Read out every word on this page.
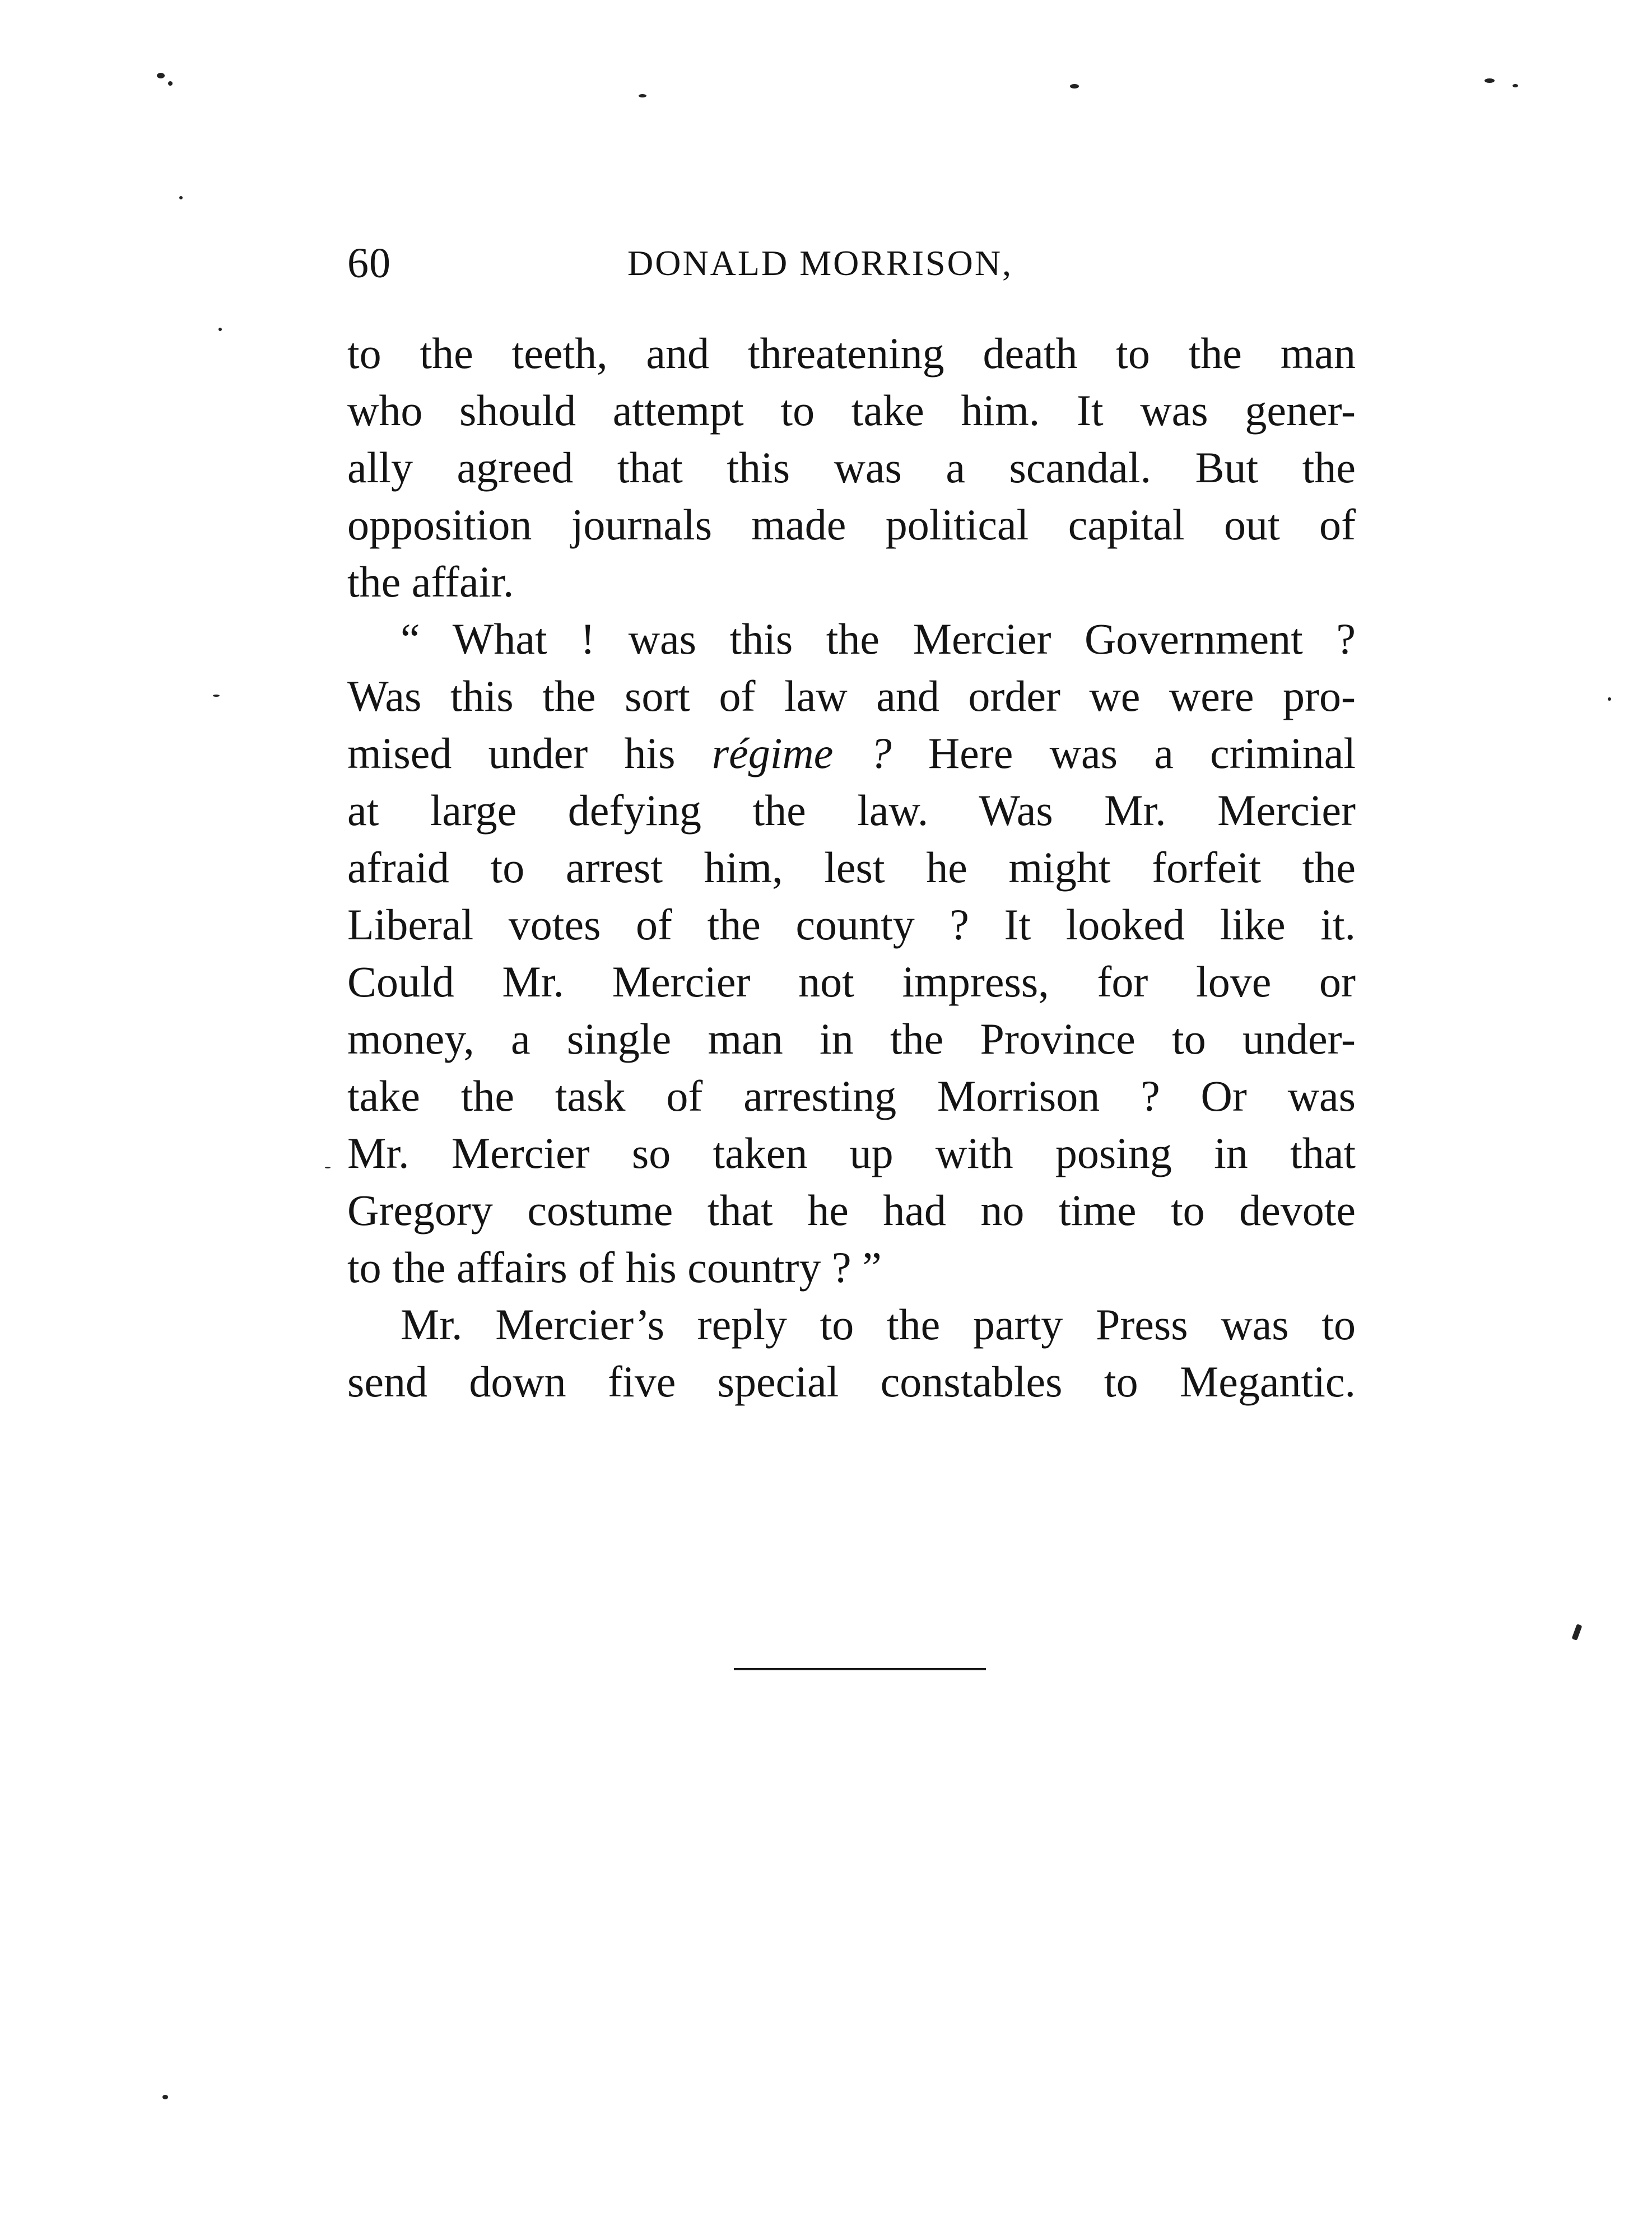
60	DONALD MORRISON,
to the teeth, and threatening death to the man
who should attempt to take him. It was gener-
ally agreed that this was a scandal. But the
opposition journals made political capital out of
the affair.
“ What ! was this the Mercier Government ?
Was this the sort of law and order we were pro-
mised under his régime ? Here was a criminal
at large defying the law. Was Mr. Mercier
afraid to arrest him, lest he might forfeit the
Liberal votes of the county ? It looked like it.
Could Mr. Mercier not impress, for love or
money, a single man in the Province to under-
take the task of arresting Morrison ? Or was
Mr. Mercier so taken up with posing in that
Gregory costume that he had no time to devote
to the affairs of his country ? ”
Mr. Mercier’s reply to the party Press was to
send down five special constables to Megantic.
